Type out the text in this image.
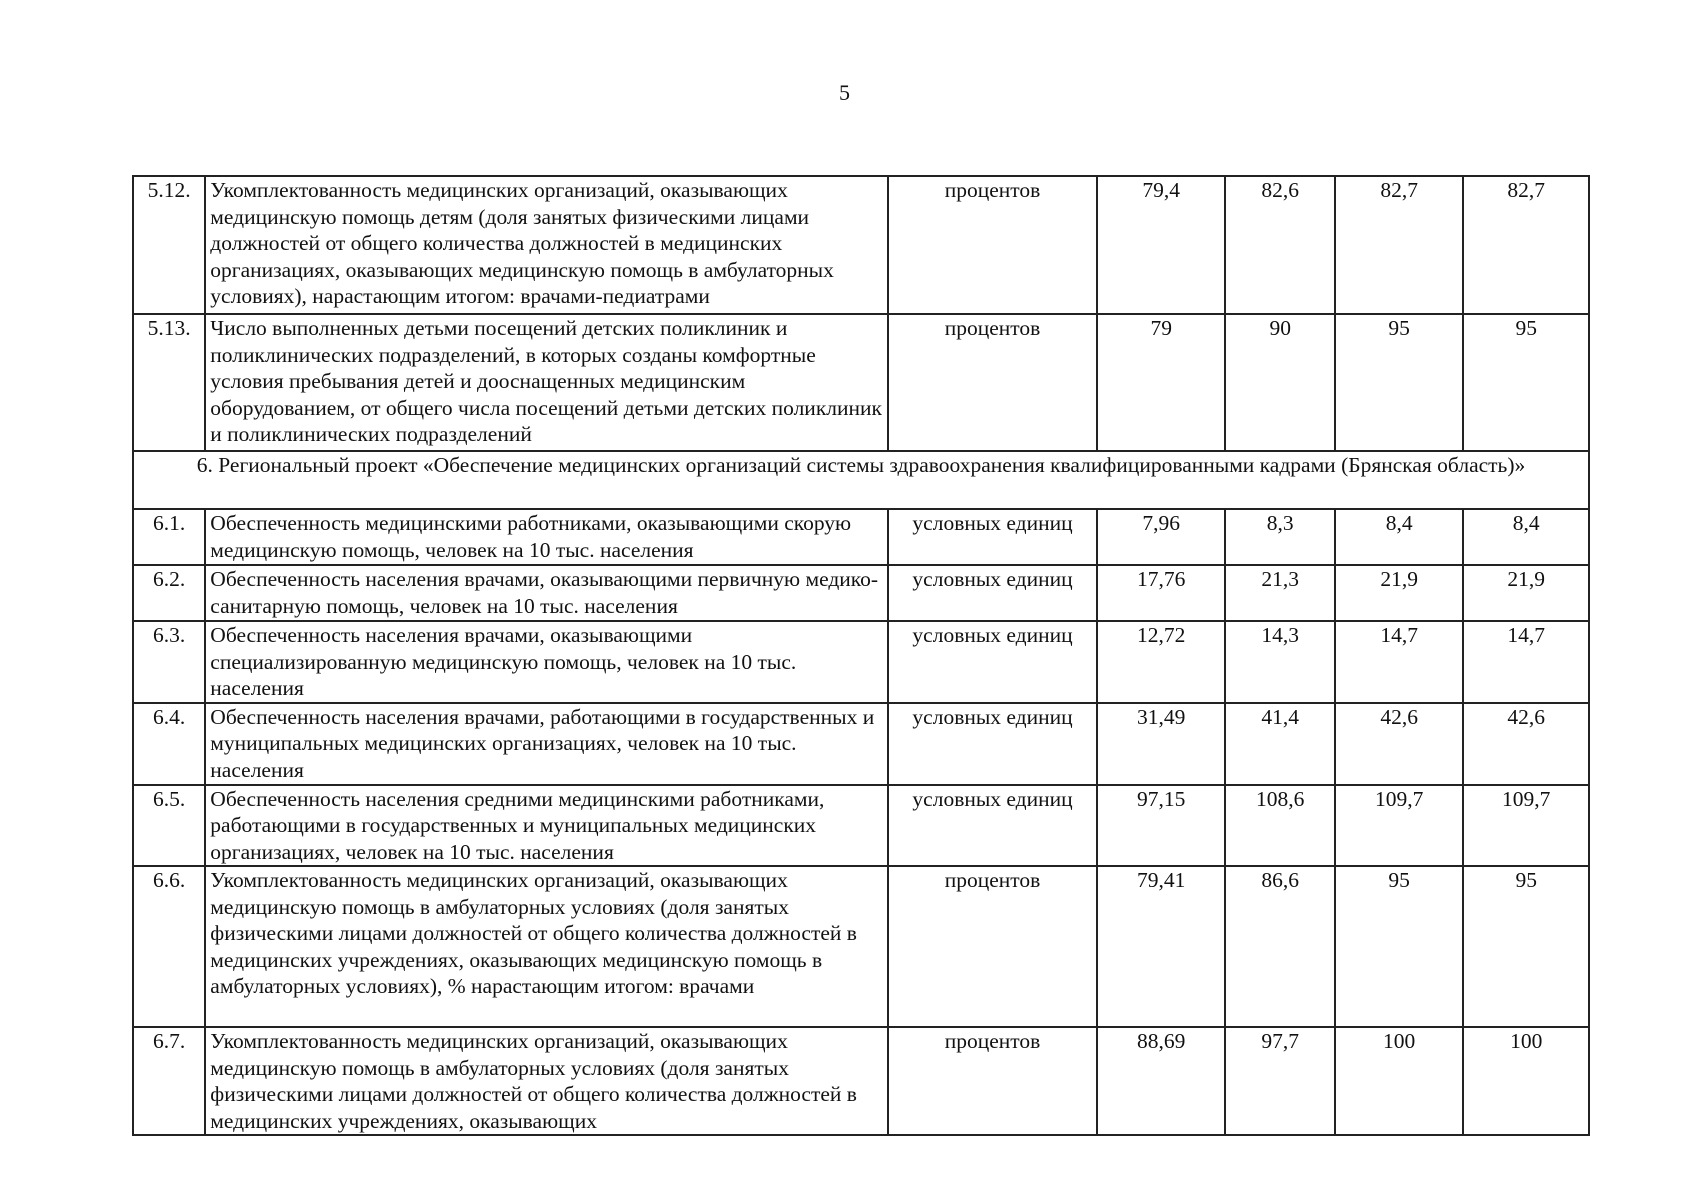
5
5.12.	Укомплектованность медицинских организаций, оказывающих медицинскую помощь детям (доля занятых физическими лицами должностей от общего количества должностей в медицинских организациях, оказывающих медицинскую помощь в амбулаторных условиях), нарастающим итогом: врачами-педиатрами	процентов	79,4	82,6	82,7	82,7
5.13.	Число выполненных детьми посещений детских поликлиник и поликлинических подразделений, в которых созданы комфортные условия пребывания детей и дооснащенных медицинским оборудованием, от общего числа посещений детьми детских поликлиник и поликлинических подразделений	процентов	79	90	95	95
6. Региональный проект «Обеспечение медицинских организаций системы здравоохранения квалифицированными кадрами (Брянская область)»						
6.1.	Обеспеченность медицинскими работниками, оказывающими скорую медицинскую помощь, человек на 10 тыс. населения	условных единиц	7,96	8,3	8,4	8,4
6.2.	Обеспеченность населения врачами, оказывающими первичную медико-санитарную помощь, человек на 10 тыс. населения	условных единиц	17,76	21,3	21,9	21,9
6.3.	Обеспеченность населения врачами, оказывающими специализированную медицинскую помощь, человек на 10 тыс. населения	условных единиц	12,72	14,3	14,7	14,7
6.4.	Обеспеченность населения врачами, работающими в государственных и муниципальных медицинских организациях, человек на 10 тыс. населения	условных единиц	31,49	41,4	42,6	42,6
6.5.	Обеспеченность населения средними медицинскими работниками, работающими в государственных и муниципальных медицинских организациях, человек на 10 тыс. населения	условных единиц	97,15	108,6	109,7	109,7
6.6.	Укомплектованность медицинских организаций, оказывающих медицинскую помощь в амбулаторных условиях (доля занятых физическими лицами должностей от общего количества должностей в медицинских учреждениях, оказывающих медицинскую помощь в амбулаторных условиях), % нарастающим итогом: врачами	процентов	79,41	86,6	95	95
6.7.	Укомплектованность медицинских организаций, оказывающих медицинскую помощь в амбулаторных условиях (доля занятых физическими лицами должностей от общего количества должностей в медицинских учреждениях, оказывающих	процентов	88,69	97,7	100	100
